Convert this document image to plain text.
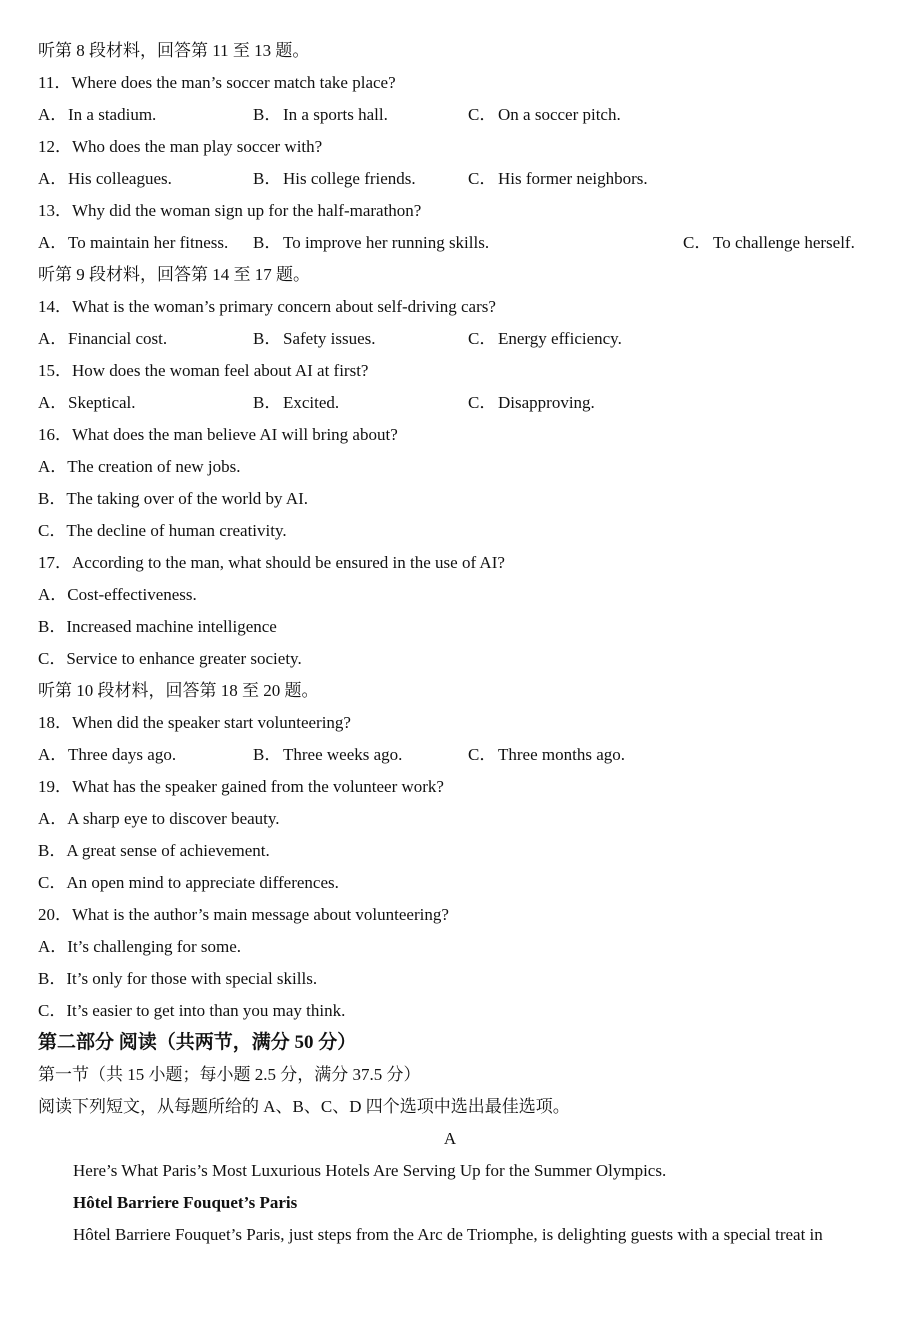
听第 8 段材料，回答第 11 至 13 题。
11．Where does the man’s soccer match take place?
A．In a stadium.	B．In a sports hall.	C．On a soccer pitch.
12．Who does the man play soccer with?
A．His colleagues.	B．His college friends.	C．His former neighbors.
13．Why did the woman sign up for the half-marathon?
A．To maintain her fitness. B．To improve her running skills.	C．To challenge herself.
听第 9 段材料，回答第 14 至 17 题。
14．What is the woman’s primary concern about self-driving cars?
A．Financial cost.	B．Safety issues.	C．Energy efficiency.
15．How does the woman feel about AI at first?
A．Skeptical.	B．Excited.	C．Disapproving.
16．What does the man believe AI will bring about?
A．The creation of new jobs.
B．The taking over of the world by AI.
C．The decline of human creativity.
17．According to the man, what should be ensured in the use of AI?
A．Cost-effectiveness.
B．Increased machine intelligence
C．Service to enhance greater society.
听第 10 段材料，回答第 18 至 20 题。
18．When did the speaker start volunteering?
A．Three days ago.	B．Three weeks ago.	C．Three months ago.
19．What has the speaker gained from the volunteer work?
A．A sharp eye to discover beauty.
B．A great sense of achievement.
C．An open mind to appreciate differences.
20．What is the author’s main message about volunteering?
A．It’s challenging for some.
B．It’s only for those with special skills.
C．It’s easier to get into than you may think.
第二部分 阅读（共两节，满分 50 分）
第一节（共 15 小题；每小题 2.5 分，满分 37.5 分）
阅读下列短文，从每题所给的 A、B、C、D 四个选项中选出最佳选项。
A
Here’s What Paris’s Most Luxurious Hotels Are Serving Up for the Summer Olympics.
Hôtel Barriere Fouquet’s Paris
Hôtel Barriere Fouquet’s Paris, just steps from the Arc de Triomphe, is delighting guests with a special treat in
